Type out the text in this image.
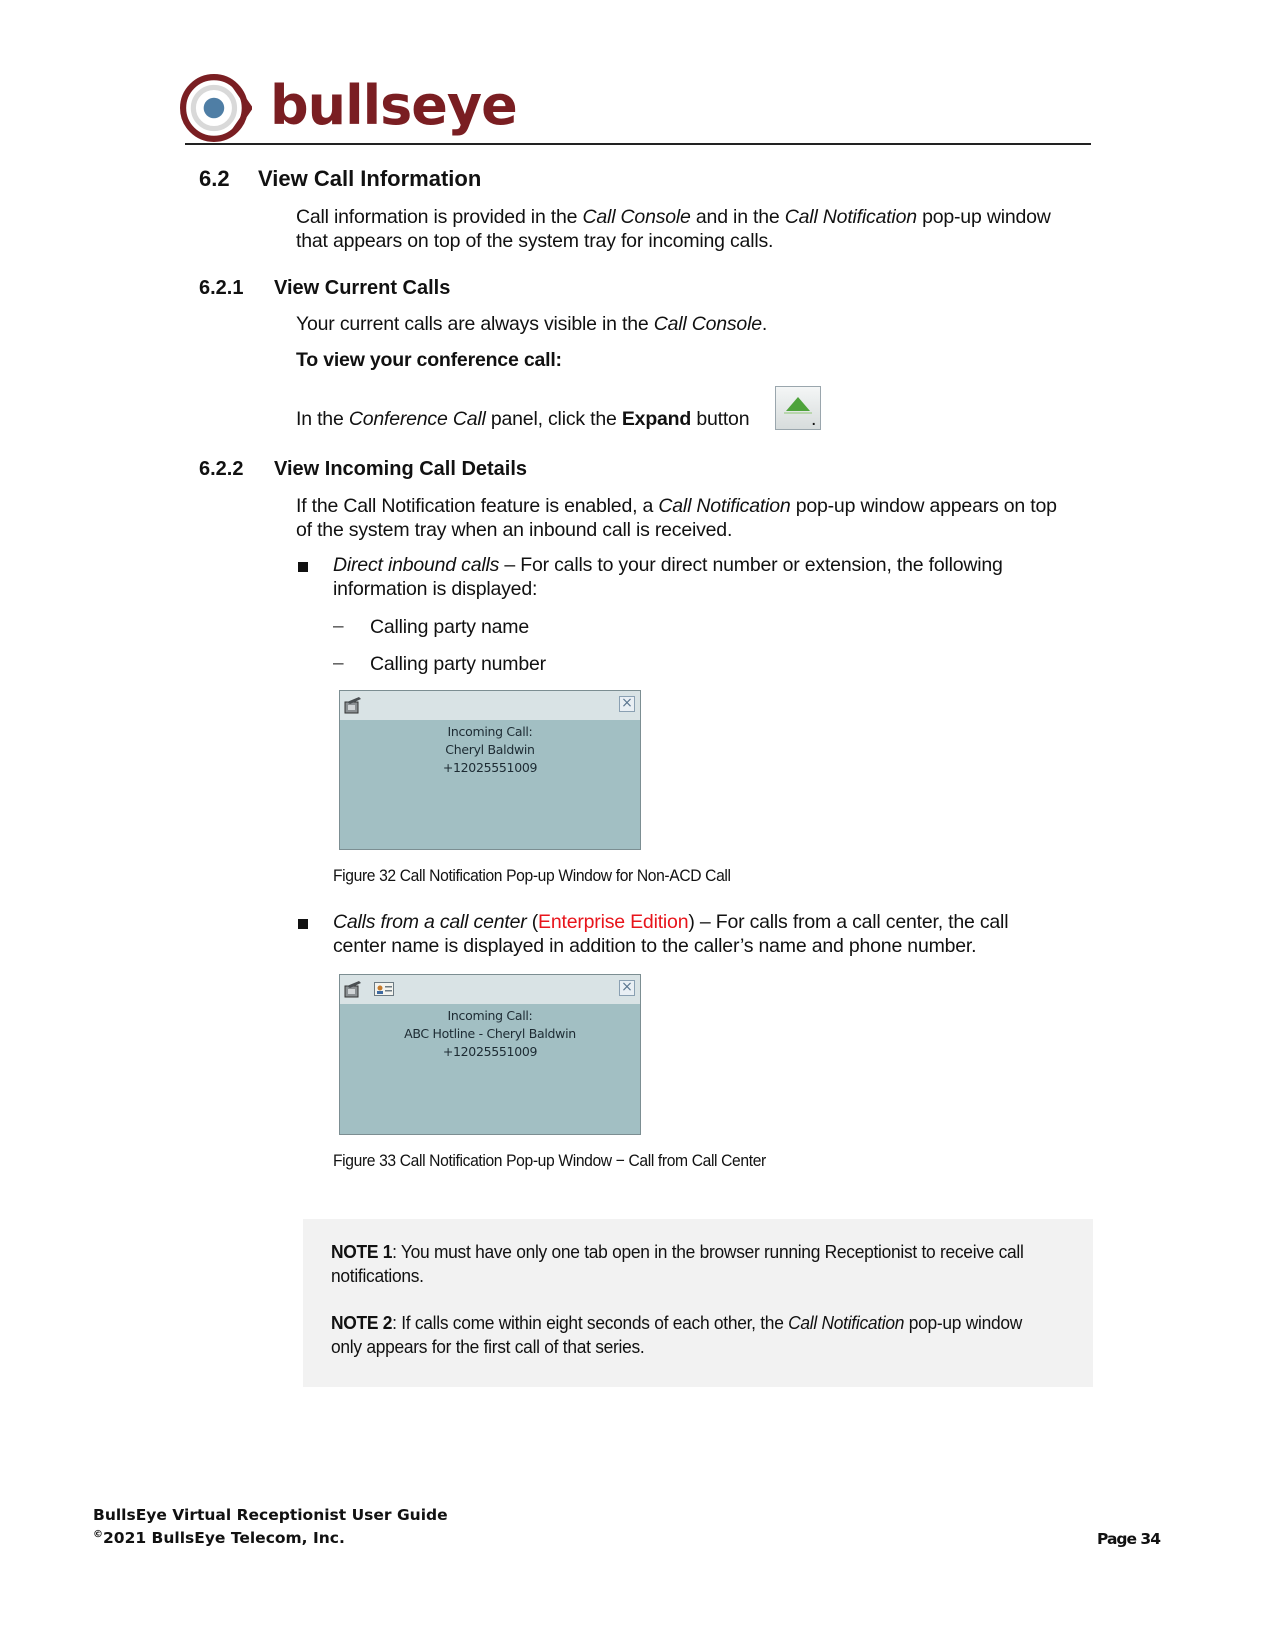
bullseye
6.2 View Call Information
Call information is provided in the Call Console and in the Call Notification pop-up window
that appears on top of the system tray for incoming calls.
6.2.1 View Current Calls
Your current calls are always visible in the Call Console.
To view your conference call:
In the Conference Call panel, click the Expand button	.
6.2.2 View Incoming Call Details
If the Call Notification feature is enabled, a Call Notification pop-up window appears on top
of the system tray when an inbound call is received.
Direct inbound calls – For calls to your direct number or extension, the following
information is displayed:
– Calling party name
– Calling party number
×
Incoming Call:
Cheryl Baldwin
+12025551009
Figure 32 Call Notification Pop-up Window for Non-ACD Call
Calls from a call center (Enterprise Edition) – For calls from a call center, the call
center name is displayed in addition to the caller’s name and phone number.
×
Incoming Call:
ABC Hotline - Cheryl Baldwin
+12025551009
Figure 33 Call Notification Pop-up Window − Call from Call Center
NOTE 1: You must have only one tab open in the browser running Receptionist to receive call
notifications.
NOTE 2: If calls come within eight seconds of each other, the Call Notification pop-up window
only appears for the first call of that series.
BullsEye Virtual Receptionist User Guide
©2021 BullsEye Telecom, Inc.	Page 34
